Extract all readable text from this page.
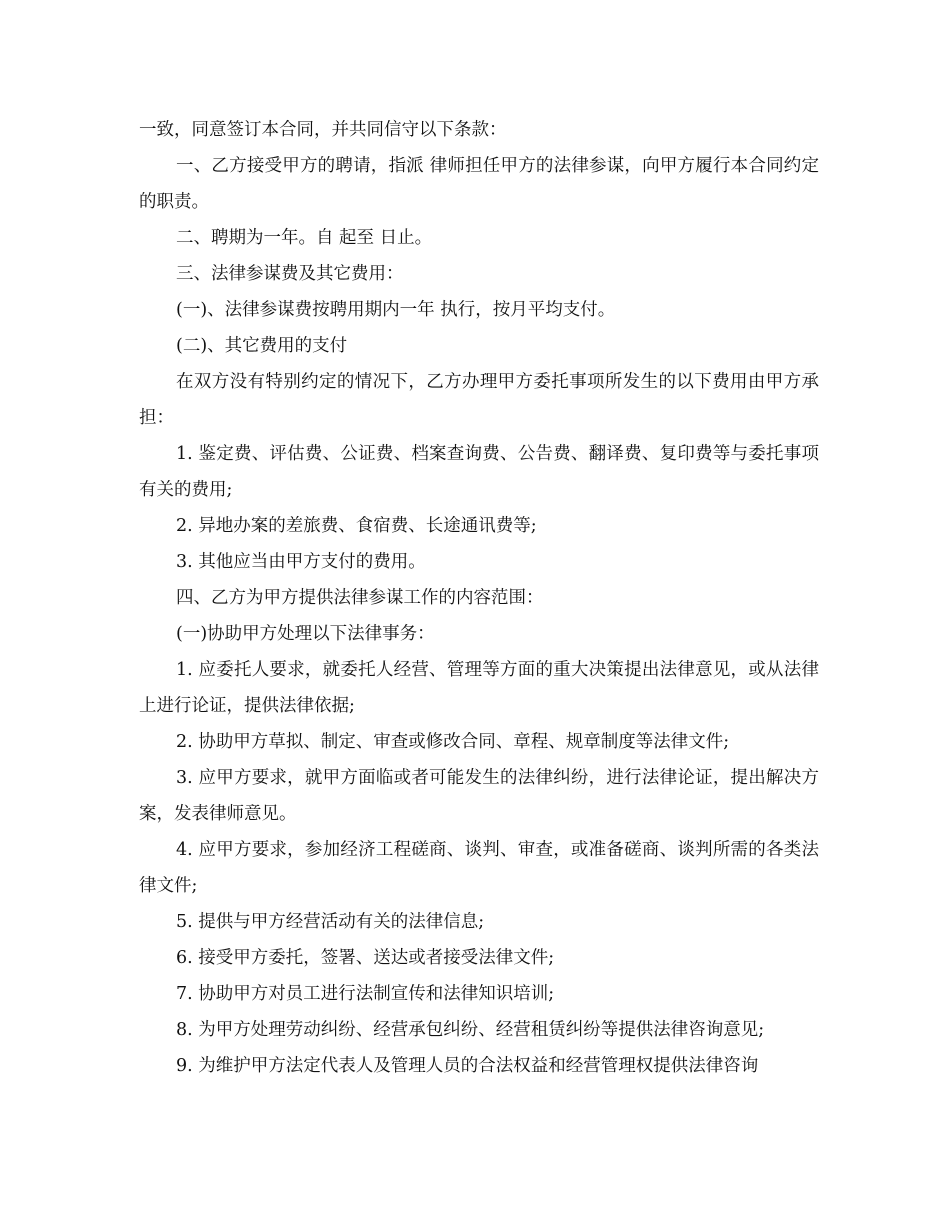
一致，同意签订本合同，并共同信守以下条款：

一、乙方接受甲方的聘请，指派 律师担任甲方的法律参谋，向甲方履行本合同约定的职责。

二、聘期为一年。自 起至 日止。

三、法律参谋费及其它费用：

(一)、法律参谋费按聘用期内一年 执行，按月平均支付。

(二)、其它费用的支付

在双方没有特别约定的情况下，乙方办理甲方委托事项所发生的以下费用由甲方承担：

1. 鉴定费、评估费、公证费、档案查询费、公告费、翻译费、复印费等与委托事项有关的费用;

2. 异地办案的差旅费、食宿费、长途通讯费等;

3. 其他应当由甲方支付的费用。

四、乙方为甲方提供法律参谋工作的内容范围：

(一)协助甲方处理以下法律事务：

1. 应委托人要求，就委托人经营、管理等方面的重大决策提出法律意见，或从法律上进行论证，提供法律依据;

2. 协助甲方草拟、制定、审查或修改合同、章程、规章制度等法律文件;

3. 应甲方要求，就甲方面临或者可能发生的法律纠纷，进行法律论证，提出解决方案，发表律师意见。

4. 应甲方要求，参加经济工程磋商、谈判、审查，或准备磋商、谈判所需的各类法律文件;

5. 提供与甲方经营活动有关的法律信息;

6. 接受甲方委托，签署、送达或者接受法律文件;

7. 协助甲方对员工进行法制宣传和法律知识培训;

8. 为甲方处理劳动纠纷、经营承包纠纷、经营租赁纠纷等提供法律咨询意见;

9. 为维护甲方法定代表人及管理人员的合法权益和经营管理权提供法律咨询
